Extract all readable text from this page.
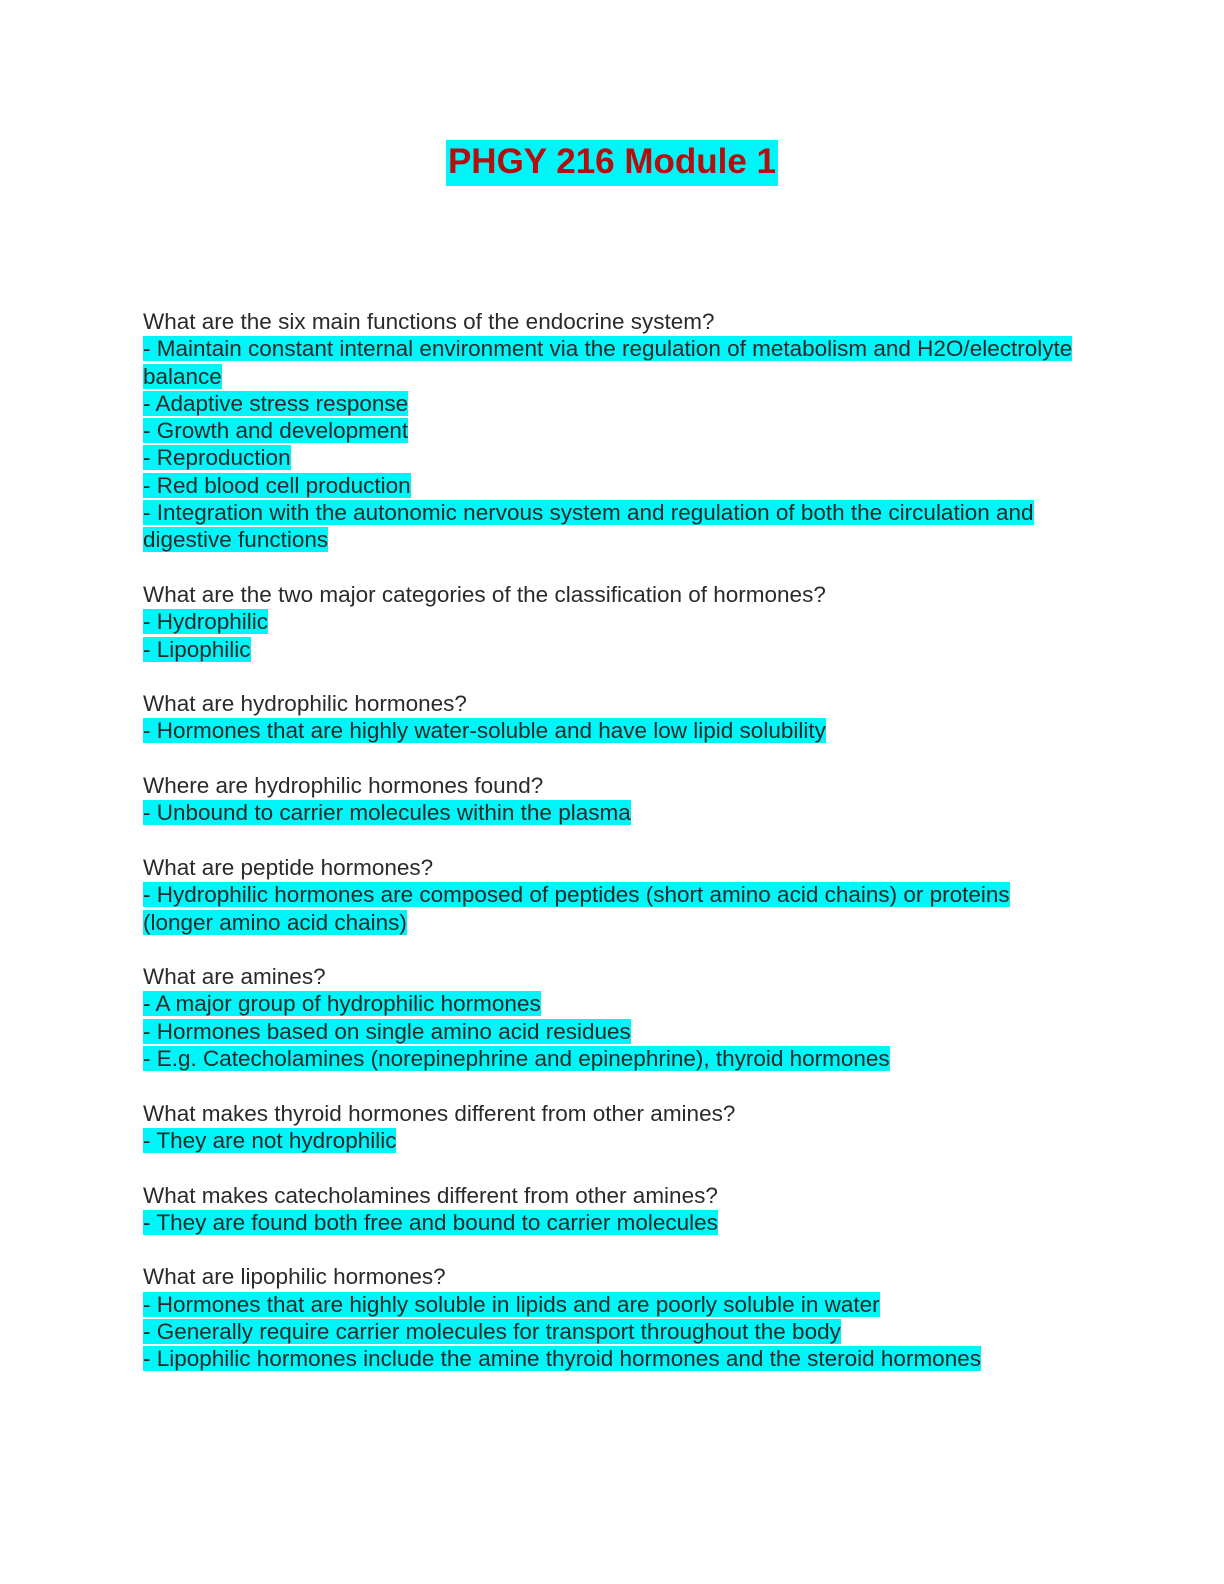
PHGY 216 Module 1
What are the six main functions of the endocrine system?
- Maintain constant internal environment via the regulation of metabolism and H2O/electrolyte balance
- Adaptive stress response
- Growth and development
- Reproduction
- Red blood cell production
- Integration with the autonomic nervous system and regulation of both the circulation and digestive functions
What are the two major categories of the classification of hormones?
- Hydrophilic
- Lipophilic
What are hydrophilic hormones?
- Hormones that are highly water-soluble and have low lipid solubility
Where are hydrophilic hormones found?
- Unbound to carrier molecules within the plasma
What are peptide hormones?
- Hydrophilic hormones are composed of peptides (short amino acid chains) or proteins (longer amino acid chains)
What are amines?
- A major group of hydrophilic hormones
- Hormones based on single amino acid residues
- E.g. Catecholamines (norepinephrine and epinephrine), thyroid hormones
What makes thyroid hormones different from other amines?
- They are not hydrophilic
What makes catecholamines different from other amines?
- They are found both free and bound to carrier molecules
What are lipophilic hormones?
- Hormones that are highly soluble in lipids and are poorly soluble in water
- Generally require carrier molecules for transport throughout the body
- Lipophilic hormones include the amine thyroid hormones and the steroid hormones
